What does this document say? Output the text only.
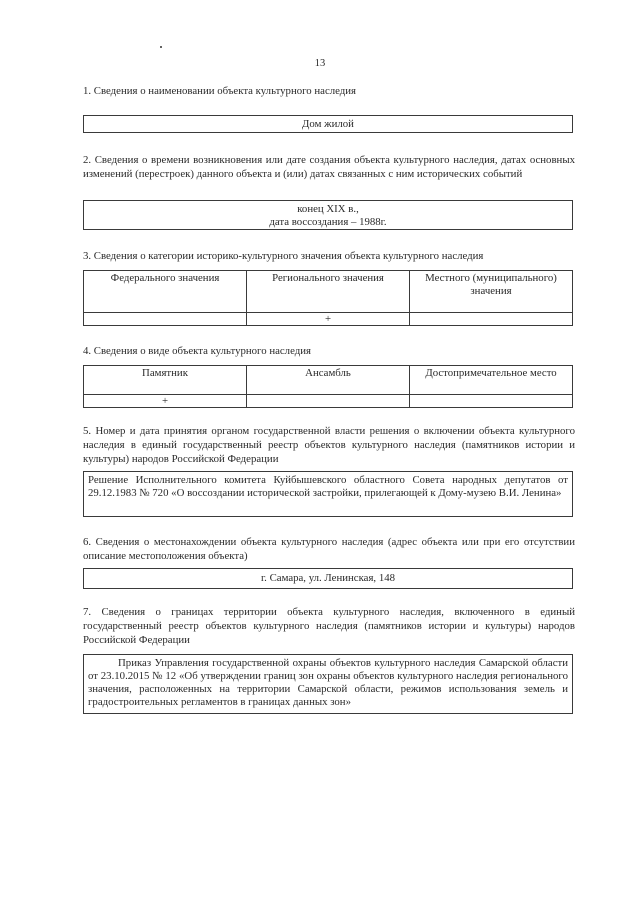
13
1. Сведения о наименовании объекта культурного наследия
Дом жилой
2. Сведения о времени возникновения или дате создания объекта культурного наследия, датах основных изменений (перестроек) данного объекта и (или) датах связанных с ним исторических событий
конец XIX в.,
дата воссоздания – 1988г.
3. Сведения о категории историко-культурного значения объекта культурного наследия
Федерального значения	Регионального значения	Местного (муниципального) значения
	+	
4. Сведения о виде объекта культурного наследия
Памятник	Ансамбль	Достопримечательное место
+		
5. Номер и дата принятия органом государственной власти решения о включении объекта культурного наследия в единый государственный реестр объектов культурного наследия (памятников истории и культуры) народов Российской Федерации
Решение Исполнительного комитета Куйбышевского областного Совета народных депутатов от 29.12.1983 № 720 «О воссоздании исторической застройки, прилегающей к Дому-музею В.И. Ленина»
6. Сведения о местонахождении объекта культурного наследия (адрес объекта или при его отсутствии описание местоположения объекта)
г. Самара, ул. Ленинская, 148
7. Сведения о границах территории объекта культурного наследия, включенного в единый государственный реестр объектов культурного наследия (памятников истории и культуры) народов Российской Федерации
Приказ Управления государственной охраны объектов культурного наследия Самарской области от 23.10.2015 № 12 «Об утверждении границ зон охраны объектов культурного наследия регионального значения, расположенных на территории Самарской области, режимов использования земель и градостроительных регламентов в границах данных зон»
